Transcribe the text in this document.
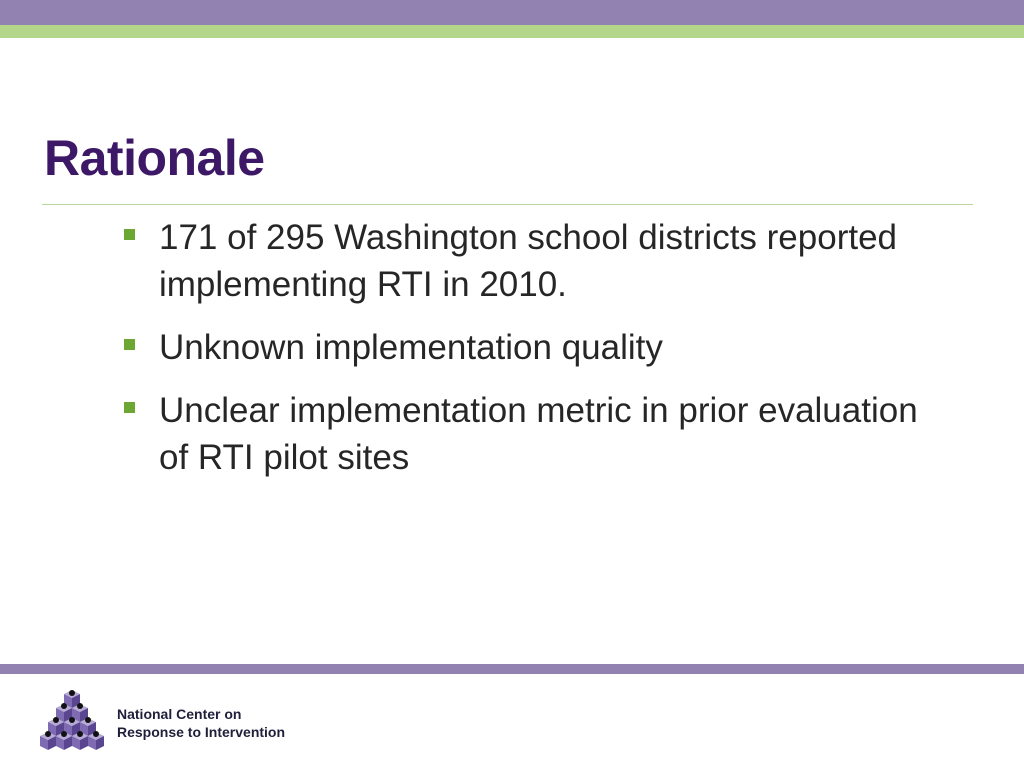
Rationale
171 of 295 Washington school districts reported implementing RTI in 2010.
Unknown implementation quality
Unclear implementation metric in prior evaluation of RTI pilot sites
National Center on
Response to Intervention
